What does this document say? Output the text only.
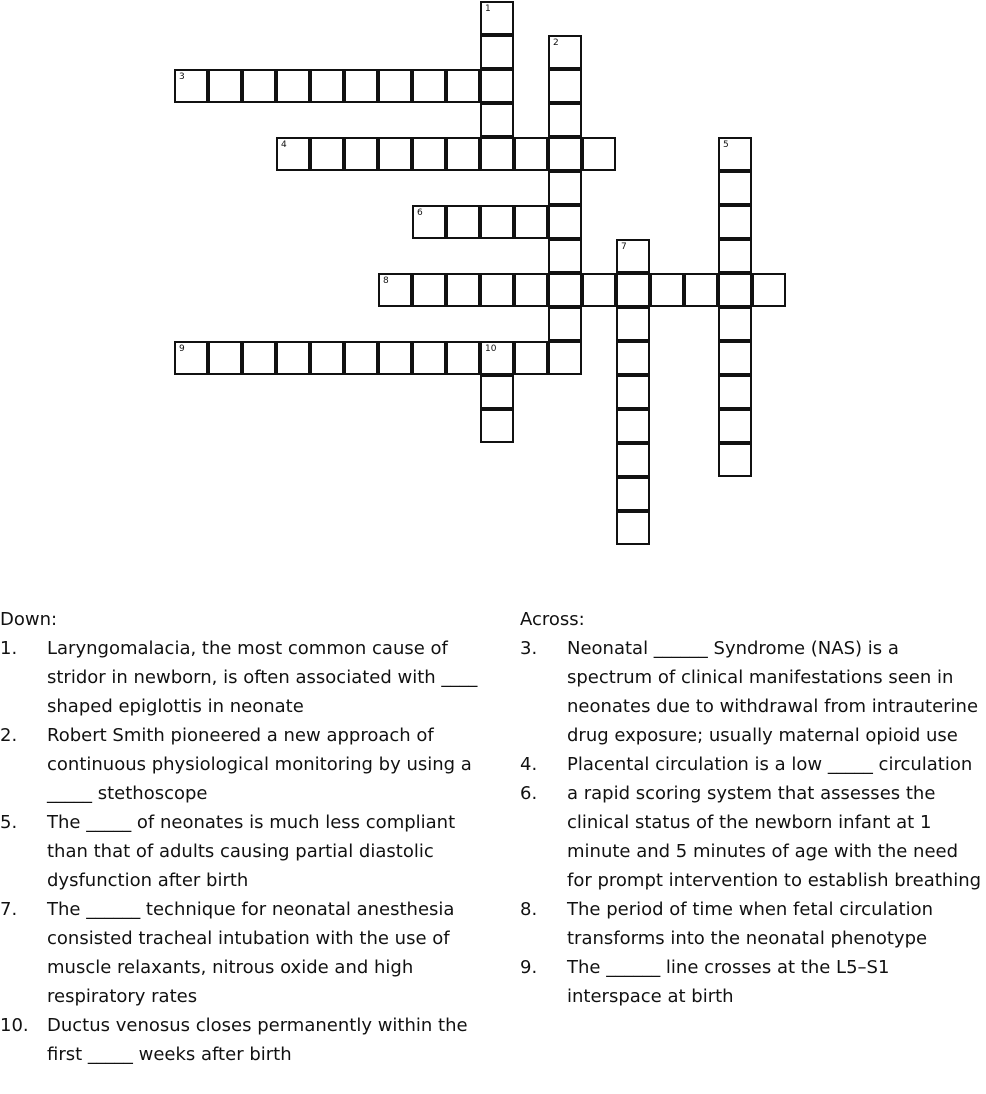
1
2
3
4	5
6
7
8
9	10
Down:
1.	Laryngomalacia, the most common cause of stridor in newborn, is often associated with ____ shaped epiglottis in neonate
2.	Robert Smith pioneered a new approach of continuous physiological monitoring by using a _____ stethoscope
5.	The _____ of neonates is much less compliant than that of adults causing partial diastolic dysfunction after birth
7.	The ______ technique for neonatal anesthesia consisted tracheal intubation with the use of muscle relaxants, nitrous oxide and high respiratory rates
10.	Ductus venosus closes permanently within the first _____ weeks after birth
Across:
3.	Neonatal ______ Syndrome (NAS) is a spectrum of clinical manifestations seen in neonates due to withdrawal from intrauterine drug exposure; usually maternal opioid use
4.	Placental circulation is a low _____ circulation
6.	a rapid scoring system that assesses the clinical status of the newborn infant at 1 minute and 5 minutes of age with the need for prompt intervention to establish breathing
8.	The period of time when fetal circulation transforms into the neonatal phenotype
9.	The ______ line crosses at the L5–S1 interspace at birth
